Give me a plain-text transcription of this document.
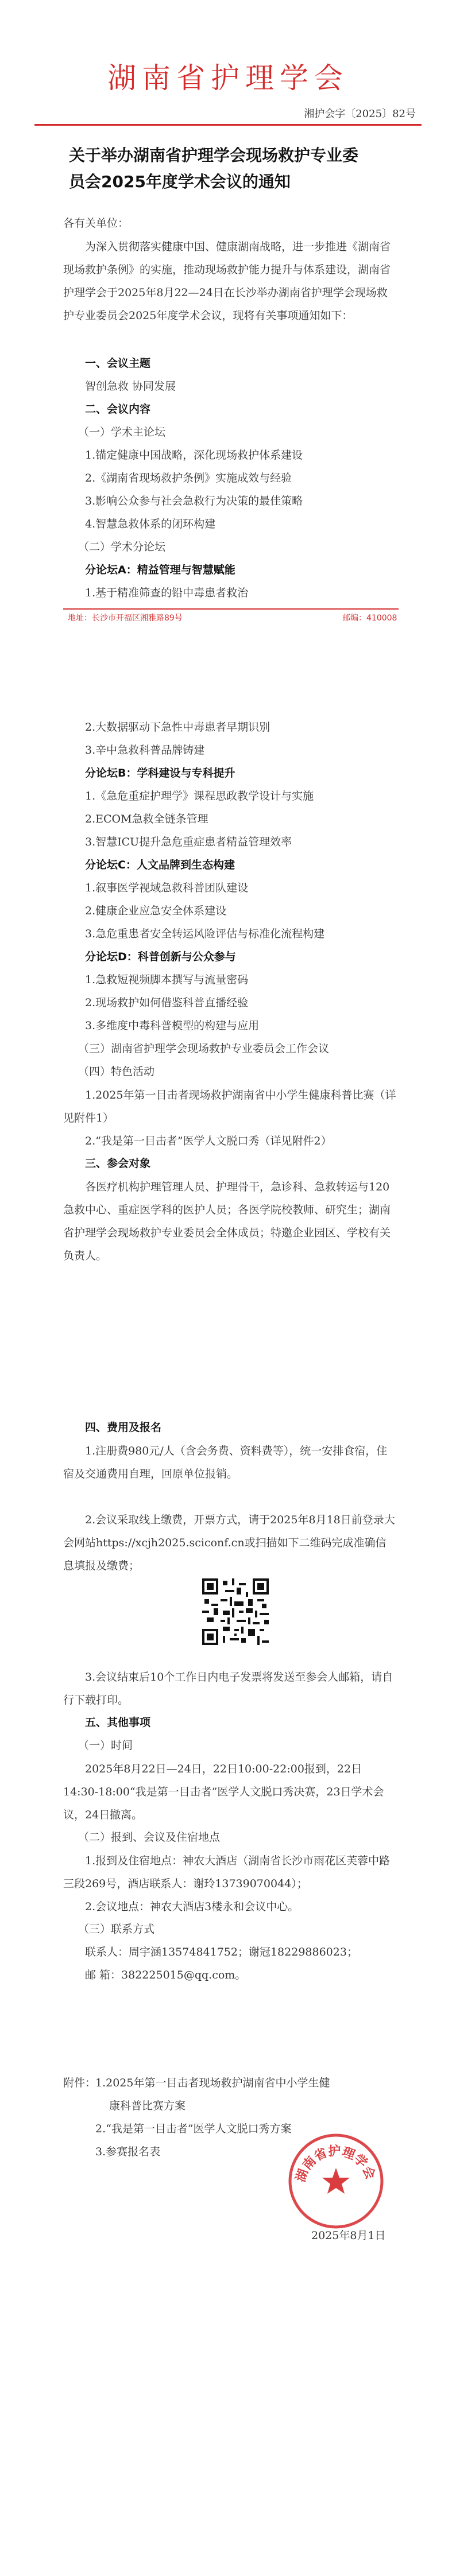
湖南省护理学会
湘护会字〔2025〕82号
关于举办湖南省护理学会现场救护专业委
员会2025年度学术会议的通知
各有关单位：
为深入贯彻落实健康中国、健康湖南战略，进一步推进《湖南省现场救护条例》的实施，推动现场救护能力提升与体系建设，湖南省护理学会于2025年8月22—24日在长沙举办湖南省护理学会现场救护专业委员会2025年度学术会议，现将有关事项通知如下：
一、会议主题
智创急救 协同发展
二、会议内容
（一）学术主论坛
1.锚定健康中国战略，深化现场救护体系建设
2.《湖南省现场救护条例》实施成效与经验
3.影响公众参与社会急救行为决策的最佳策略
4.智慧急救体系的闭环构建
（二）学术分论坛
分论坛A：精益管理与智慧赋能
1.基于精准筛查的铅中毒患者救治
地址：长沙市开福区湘雅路89号	邮编：410008
2.大数据驱动下急性中毒患者早期识别
3.辛中急救科普品牌铸建
分论坛B：学科建设与专科提升
1.《急危重症护理学》课程思政教学设计与实施
2.ECOM急救全链条管理
3.智慧ICU提升急危重症患者精益管理效率
分论坛C：人文品牌到生态构建
1.叙事医学视域急救科普团队建设
2.健康企业应急安全体系建设
3.急危重患者安全转运风险评估与标准化流程构建
分论坛D：科普创新与公众参与
1.急救短视频脚本撰写与流量密码
2.现场救护如何借鉴科普直播经验
3.多维度中毒科普模型的构建与应用
（三）湖南省护理学会现场救护专业委员会工作会议
（四）特色活动
1.2025年第一目击者现场救护湖南省中小学生健康科普比赛（详见附件1）
2.“我是第一目击者”医学人文脱口秀（详见附件2）
三、参会对象
各医疗机构护理管理人员、护理骨干，急诊科、急救转运与120急救中心、重症医学科的医护人员；各医学院校教师、研究生；湖南省护理学会现场救护专业委员会全体成员；特邀企业园区、学校有关负责人。
四、费用及报名
1.注册费980元/人（含会务费、资料费等），统一安排食宿，住宿及交通费用自理，回原单位报销。
2.会议采取线上缴费，开票方式，请于2025年8月18日前登录大会网站https://xcjh2025.sciconf.cn或扫描如下二维码完成准确信息填报及缴费；
3.会议结束后10个工作日内电子发票将发送至参会人邮箱，请自行下载打印。
五、其他事项
（一）时间
2025年8月22日—24日，22日10:00-22:00报到，22日14:30-18:00“我是第一目击者”医学人文脱口秀决赛，23日学术会议，24日撤离。
（二）报到、会议及住宿地点
1.报到及住宿地点：神农大酒店（湖南省长沙市雨花区芙蓉中路三段269号，酒店联系人：谢玲13739070044）；
2.会议地点：神农大酒店3楼永和会议中心。
（三）联系方式
联系人：周宇涵13574841752；谢冠18229886023；
邮 箱：382225015@qq.com。
附件：
1.2025年第一目击者现场救护湖南省中小学生健
康科普比赛方案
2.“我是第一目击者”医学人文脱口秀方案
3.参赛报名表
湖南省护理学会
2025年8月1日
